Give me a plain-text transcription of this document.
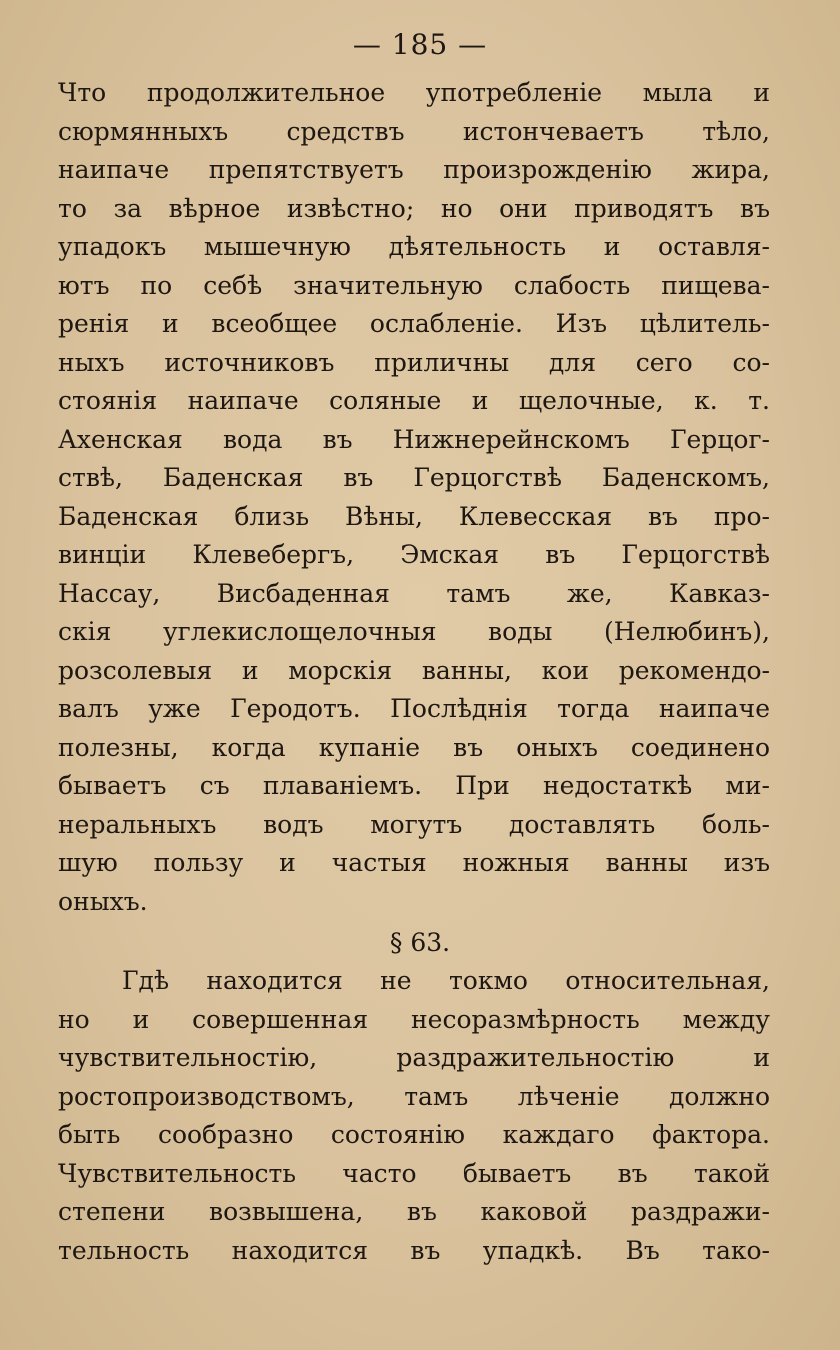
— 185 —
Что продолжительное употребленіе мыла и
сюрмянныхъ средствъ истончеваетъ тѣло,
наипаче препятствуетъ произрожденію жира,
то за вѣрное извѣстно; но они приводятъ въ
упадокъ мышечную дѣятельность и оставля-
ютъ по себѣ значительную слабость пищева-
ренія и всеобщее ослабленіе. Изъ цѣлитель-
ныхъ источниковъ приличны для сего со-
стоянія наипаче соляные и щелочные, к. т.
Ахенская вода въ Нижнерейнскомъ Герцог-
ствѣ, Баденская въ Герцогствѣ Баденскомъ,
Баденская близь Вѣны, Клевесская въ про-
винціи Клевебергъ, Эмская въ Герцогствѣ
Нассау, Висбаденная тамъ же, Кавказ-
скія углекислощелочныя воды (Нелюбинъ),
розсолевыя и морскія ванны, кои рекомендо-
валъ уже Геродотъ. Послѣднія тогда наипаче
полезны, когда купаніе въ оныхъ соединено
бываетъ съ плаваніемъ. При недостаткѣ ми-
неральныхъ водъ могутъ доставлять боль-
шую пользу и частыя ножныя ванны изъ
оныхъ.
§ 63.
Гдѣ находится не токмо относительная,
но и совершенная несоразмѣрность между
чувствительностію, раздражительностію и
ростопроизводствомъ, тамъ лѣченіе должно
быть сообразно состоянію каждаго фактора.
Чувствительность часто бываетъ въ такой
степени возвышена, въ каковой раздражи-
тельность находится въ упадкѣ. Въ тако-
